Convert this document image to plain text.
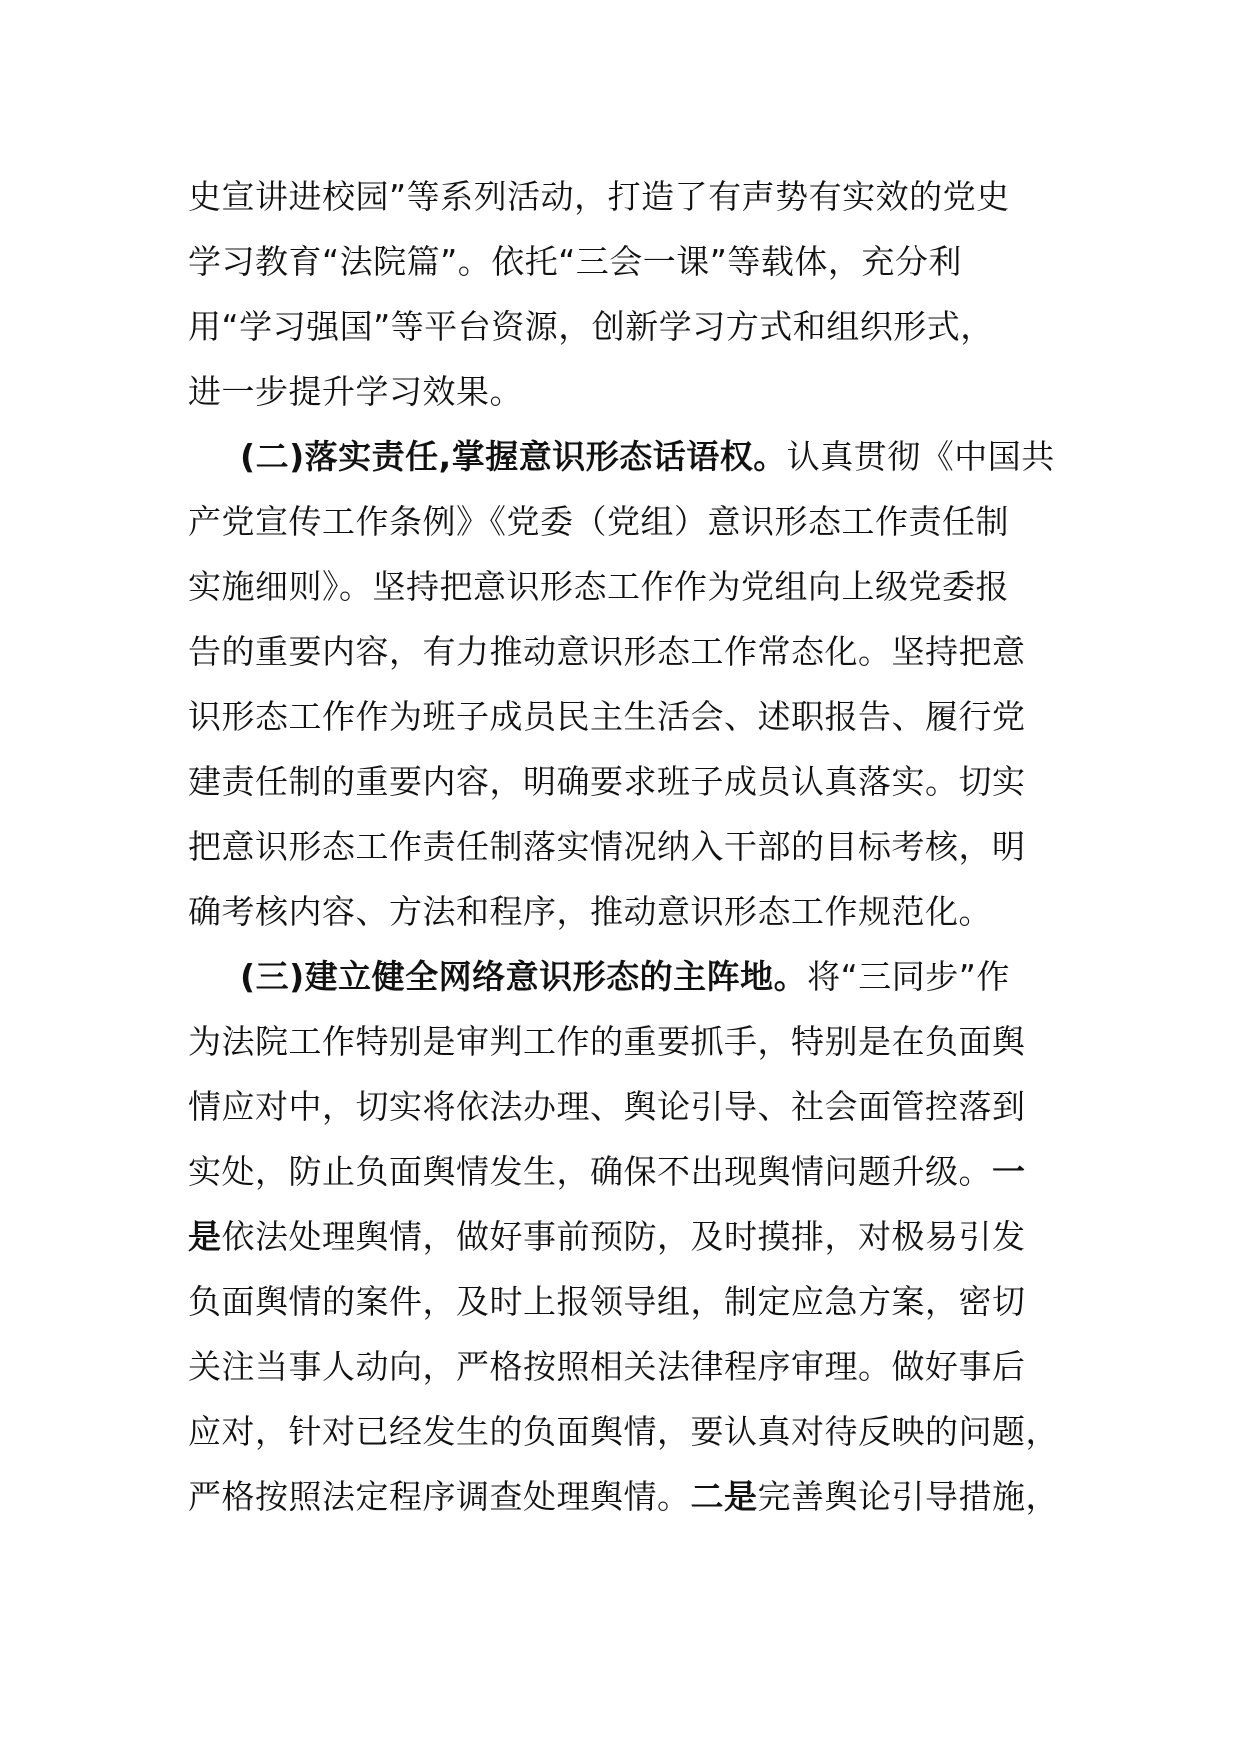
史宣讲进校园”等系列活动，打造了有声势有实效的党史
学习教育“法院篇”。依托“三会一课”等载体，充分利
用“学习强国”等平台资源，创新学习方式和组织形式，
进一步提升学习效果。
(二)落实责任,掌握意识形态话语权。认真贯彻《中国共
产党宣传工作条例》《党委（党组）意识形态工作责任制
实施细则》。坚持把意识形态工作作为党组向上级党委报
告的重要内容，有力推动意识形态工作常态化。坚持把意
识形态工作作为班子成员民主生活会、述职报告、履行党
建责任制的重要内容，明确要求班子成员认真落实。切实
把意识形态工作责任制落实情况纳入干部的目标考核，明
确考核内容、方法和程序，推动意识形态工作规范化。
(三)建立健全网络意识形态的主阵地。将“三同步”作
为法院工作特别是审判工作的重要抓手，特别是在负面舆
情应对中，切实将依法办理、舆论引导、社会面管控落到
实处，防止负面舆情发生，确保不出现舆情问题升级。一
是依法处理舆情，做好事前预防，及时摸排，对极易引发
负面舆情的案件，及时上报领导组，制定应急方案，密切
关注当事人动向，严格按照相关法律程序审理。做好事后
应对，针对已经发生的负面舆情，要认真对待反映的问题，
严格按照法定程序调查处理舆情。二是完善舆论引导措施，
